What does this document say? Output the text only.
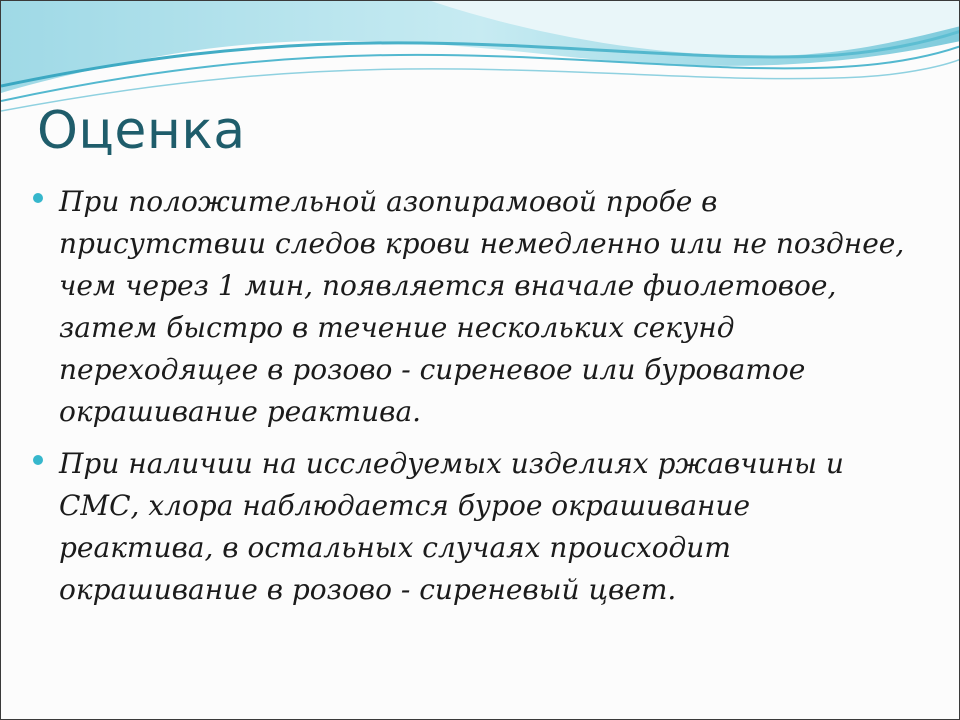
Оценка
При положительной азопирамовой пробе в присутствии следов крови немедленно или не позднее, чем через 1 мин, появляется вначале фиолетовое, затем быстро в течение нескольких секунд переходящее в розово - сиреневое или буроватое окрашивание реактива.
При наличии на исследуемых изделиях ржавчины и СМС, хлора наблюдается бурое окрашивание реактива, в остальных случаях происходит окрашивание в розово - сиреневый цвет.
